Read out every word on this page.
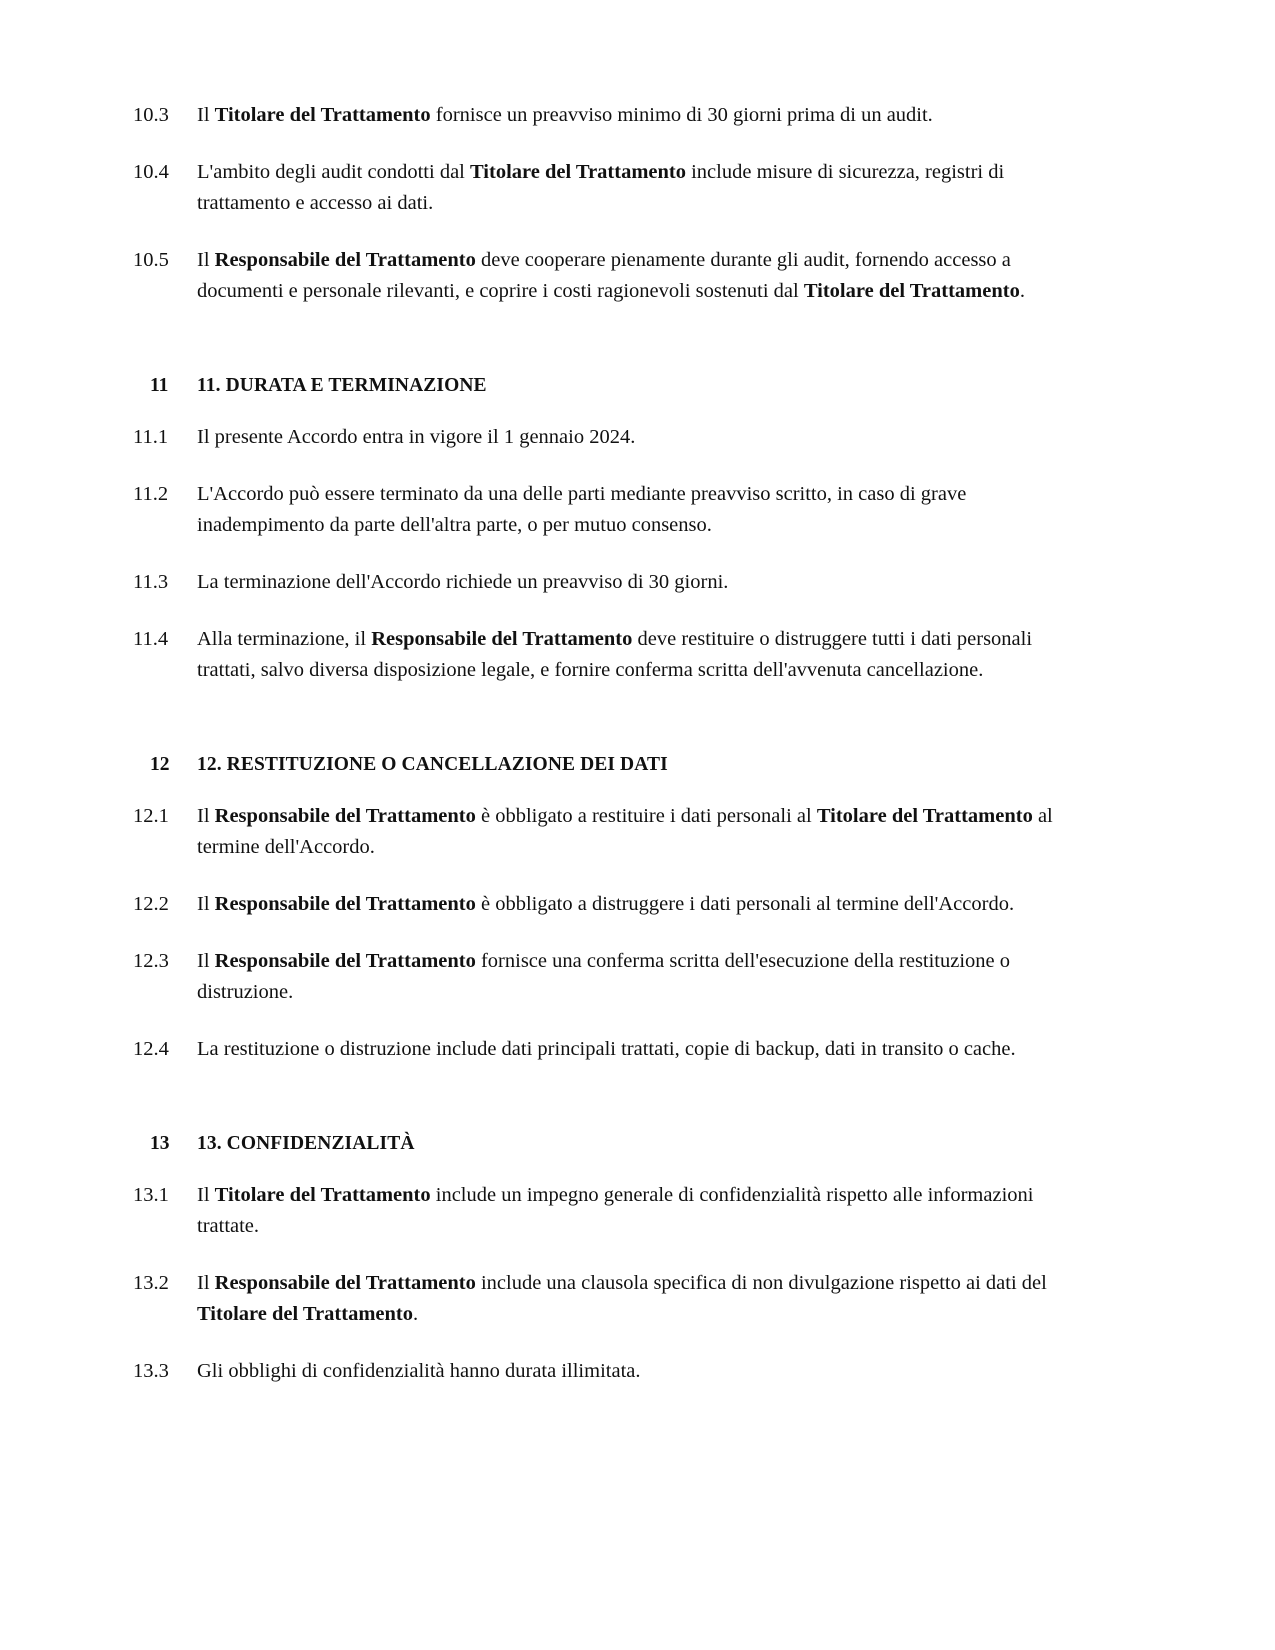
10.3	Il Titolare del Trattamento fornisce un preavviso minimo di 30 giorni prima di un audit.
10.4	L'ambito degli audit condotti dal Titolare del Trattamento include misure di sicurezza, registri di trattamento e accesso ai dati.
10.5	Il Responsabile del Trattamento deve cooperare pienamente durante gli audit, fornendo accesso a documenti e personale rilevanti, e coprire i costi ragionevoli sostenuti dal Titolare del Trattamento.
11	11. DURATA E TERMINAZIONE
11.1	Il presente Accordo entra in vigore il 1 gennaio 2024.
11.2	L'Accordo può essere terminato da una delle parti mediante preavviso scritto, in caso di grave inadempimento da parte dell'altra parte, o per mutuo consenso.
11.3	La terminazione dell'Accordo richiede un preavviso di 30 giorni.
11.4	Alla terminazione, il Responsabile del Trattamento deve restituire o distruggere tutti i dati personali trattati, salvo diversa disposizione legale, e fornire conferma scritta dell'avvenuta cancellazione.
12	12. RESTITUZIONE O CANCELLAZIONE DEI DATI
12.1	Il Responsabile del Trattamento è obbligato a restituire i dati personali al Titolare del Trattamento al termine dell'Accordo.
12.2	Il Responsabile del Trattamento è obbligato a distruggere i dati personali al termine dell'Accordo.
12.3	Il Responsabile del Trattamento fornisce una conferma scritta dell'esecuzione della restituzione o distruzione.
12.4	La restituzione o distruzione include dati principali trattati, copie di backup, dati in transito o cache.
13	13. CONFIDENZIALITÀ
13.1	Il Titolare del Trattamento include un impegno generale di confidenzialità rispetto alle informazioni trattate.
13.2	Il Responsabile del Trattamento include una clausola specifica di non divulgazione rispetto ai dati del Titolare del Trattamento.
13.3	Gli obblighi di confidenzialità hanno durata illimitata.
